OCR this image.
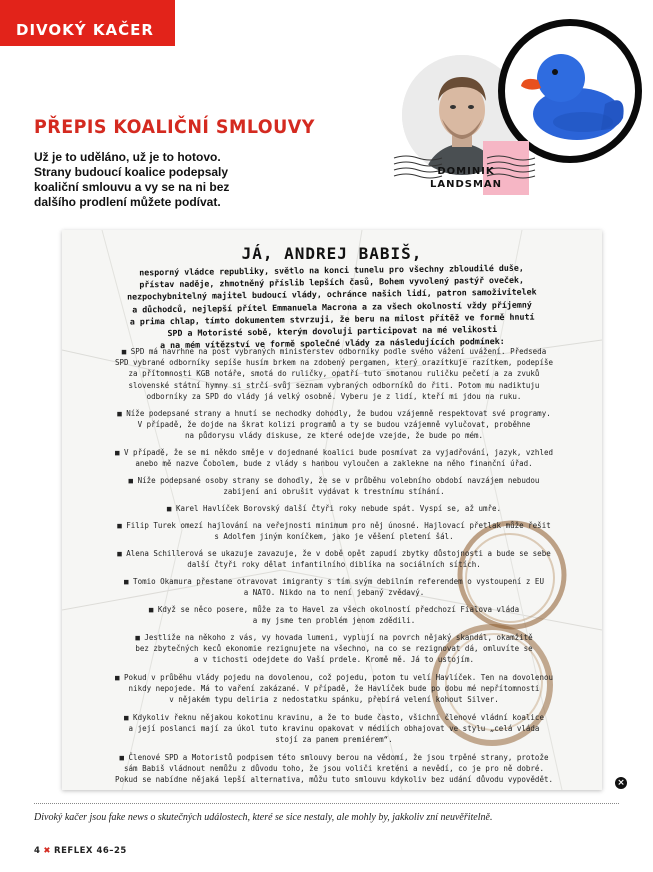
DIVOKÝ KAČER
PŘEPIS KOALIČNÍ SMLOUVY
Už je to uděláno, už je to hotovo.
Strany budoucí koalice podepsaly
koaliční smlouvu a vy se na ni bez
dalšího prodlení můžete podívat.
DOMINIK
LANDSMAN
JÁ, ANDREJ BABIŠ,
nesporný vládce republiky, světlo na konci tunelu pro všechny zbloudilé duše,
přístav naděje, zhmotněný příslib lepších časů, Bohem vyvolený pastýř oveček,
nezpochybnitelný majitel budoucí vlády, ochránce našich lidí, patron samoživitelek
a důchodců, nejlepší přítel Emmanuela Macrona a za všech okolností vždy příjemný
a prima chlap, tímto dokumentem stvrzuji, že beru na milost přítěž ve formě hnutí
SPD a Motoristé sobě, kterým dovoluji participovat na mé velikosti
a na mém vítězství ve formě společné vlády za následujících podmínek:
■ SPD má navrhne na post vybraných ministerstev odborníky podle svého vážení uvážení. Předseda
SPD vybrané odborníky sepíše husím brkem na zdobený pergamen, který orazítkuje razítkem, podepíše
za přítomnosti KGB notáře, smotá do ruličky, opatří tuto smotanou ruličku pečetí a za zvuků
slovenské státní hymny si strčí svůj seznam vybraných odborníků do řiti. Potom mu nadiktuju
odborníky za SPD do vlády já velký osobně. Vyberu je z lidí, kteří mi jdou na ruku.
■ Níže podepsané strany a hnutí se nechodky dohodly, že budou vzájemně respektovat své programy.
V případě, že dojde na škrat kolizi programů a ty se budou vzájemně vylučovat, proběhne
na půdorysu vlády diskuse, ze které odejde vzejde, že bude po mém.
■ V případě, že se mi někdo směje v dojednané koalici bude posmívat za vyjadřování, jazyk, vzhled
anebo mě nazve Čobolem, bude z vlády s hanbou vyloučen a zaklekne na něho finanční úřad.
■ Níže podepsané osoby strany se dohodly, že se v průběhu volebního období navzájem nebudou
zabijení ani obrušit vydávat k trestnímu stíhání.
■ Karel Havlíček Borovský další čtyři roky nebude spát. Vyspí se, až umře.
■ Filip Turek omezí hajlování na veřejnosti minimum pro něj únosné. Hajlovací přetlak může řešit
s Adolfem jiným koníčkem, jako je věšení pletení šál.
■ Alena Schillerová se ukazuje zavazuje, že v době opět zapudí zbytky důstojnosti a bude se sebe
další čtyři roky dělat infantilního diblíka na sociálních sítích.
■ Tomio Okamura přestane otravovat imigranty s tím svým debilním referendem o vystoupení z EU
a NATO. Nikdo na to není jebaný zvědavý.
■ Když se něco posere, může za to Havel za všech okolností předchozí Fialova vláda
a my jsme ten problém jenom zdědili.
■ Jestliže na někoho z vás, vy hovada lumeni, vyplují na povrch nějaký skandál, okamžitě
bez zbytečných keců ekonomie rezignujete na všechno, na co se rezignovat dá, omluvíte se
a v tichosti odejdete do Vaší prdele. Kromě mě. Já to ustojím.
■ Pokud v průběhu vlády pojedu na dovolenou, což pojedu, potom tu velí Havlíček. Ten na dovolenou
nikdy nepojede. Má to vaření zakázané. V případě, že Havlíček bude po dobu mé nepřítomnosti
v nějakém typu deliria z nedostatku spánku, přebírá velení kohout Silver.
■ Kdykoliv řeknu nějakou kokotinu kravinu, a že to bude často, všichni členové vládní koalice
a její poslanci mají za úkol tuto kravinu opakovat v médiích obhajovat ve stylu „celá vláda
stojí za panem premiérem“.
■ Členové SPD a Motoristů podpisem této smlouvy berou na vědomí, že jsou trpěné strany, protože
sám Babiš vládnout nemůžu z důvodu toho, že jsou voliči kreténi a nevědí, co je pro ně dobré.
Pokud se nabídne nějaká lepší alternativa, můžu tuto smlouvu kdykoliv bez udání důvodu vypovědět.	×
Divoký kačer jsou fake news o skutečných událostech, které se sice nestaly, ale mohly by, jakkoliv zní neuvěřitelně.
4 ✖ REFLEX 46–25
